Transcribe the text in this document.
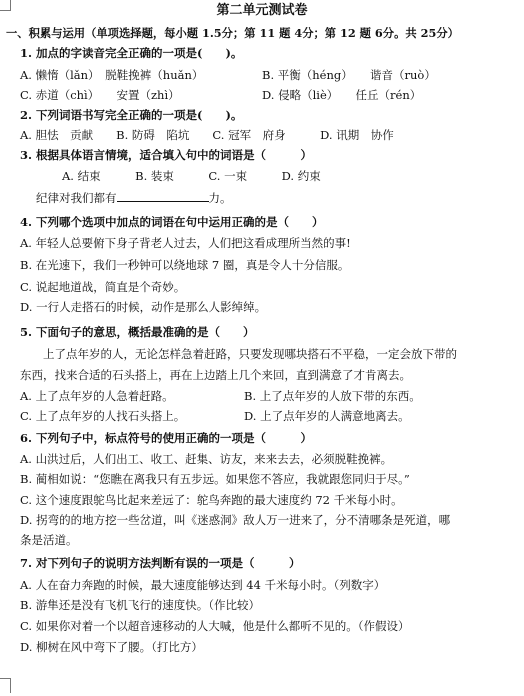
第二单元测试卷
一、积累与运用（单项选择题，每小题 1.5分；第 11 题 4分；第 12 题 6分。共 25分）
1. 加点的字读音完全正确的一项是(　　)。
A. 懒惰（lǎn）　脱鞋挽裤（huǎn）	B. 平衡（héng）　　谐音（ruò）
C. 赤道（chì）　　安置（zhì）	D. 侵略（liè）　　任丘（rén）
2. 下列词语书写完全正确的一项是(　　)。
A. 胆怯　贡献　　B. 防碍　陷坑　　C. 冠军　府身　　　D. 讯期　协作
3. 根据具体语言情境，适合填入句中的词语是（　　　）
A. 结束　　　B. 装束　　　C. 一束　　　D. 约束
纪律对我们都有	力。
4. 下列哪个选项中加点的词语在句中运用正确的是（　　）
A. 年轻人总要俯下身子背老人过去，人们把这看成理所当然的事!
B. 在光速下，我们一秒钟可以绕地球 7 圈，真是令人十分信服。
C. 说起地道战，简直是个奇妙。
D. 一行人走搭石的时候，动作是那么人影绰绰。
5. 下面句子的意思，概括最准确的是（　　）
　　上了点年岁的人，无论怎样急着赶路，只要发现哪块搭石不平稳，一定会放下带的
东西，找来合适的石头搭上，再在上边踏上几个来回，直到满意了才肯离去。
A. 上了点年岁的人急着赶路。	B. 上了点年岁的人放下带的东西。
C. 上了点年岁的人找石头搭上。	D. 上了点年岁的人满意地离去。
6. 下列句子中，标点符号的使用正确的一项是（　　　）
A. 山洪过后，人们出工、收工、赶集、访友，来来去去，必须脱鞋挽裤。
B. 蔺相如说：“您瞧在离我只有五步远。如果您不答应，我就跟您同归于尽。”
C. 这个速度跟鸵鸟比起来差远了：鸵鸟奔跑的最大速度约 72 千米每小时。
D. 拐弯的的地方挖一些岔道，叫《迷惑洞》敌人万一进来了，分不清哪条是死道，哪
条是活道。
7. 对下列句子的说明方法判断有误的一项是（　　　）
A. 人在奋力奔跑的时候，最大速度能够达到 44 千米每小时。（列数字）
B. 游隼还是没有飞机飞行的速度快。（作比较）
C. 如果你对着一个以超音速移动的人大喊，他是什么都听不见的。（作假设）
D. 柳树在风中弯下了腰。（打比方）
